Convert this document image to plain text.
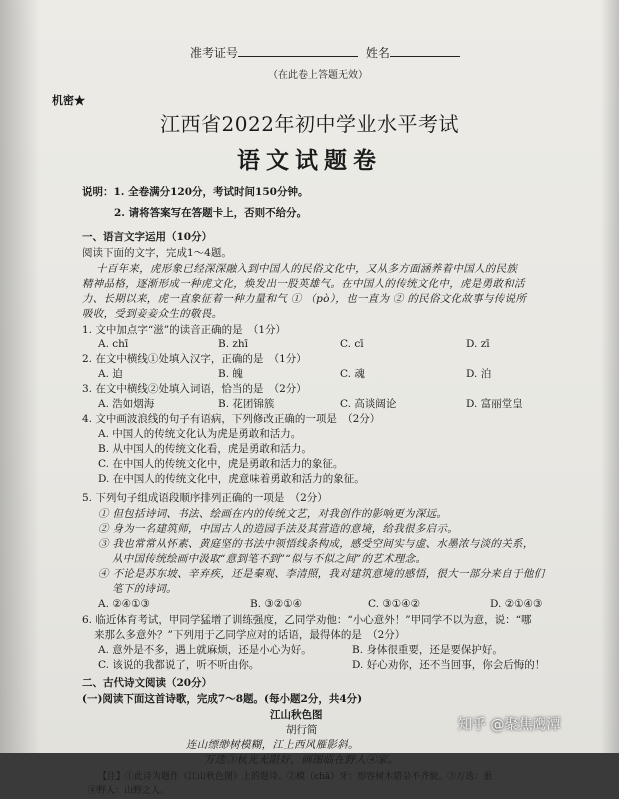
准考证号	姓名
（在此卷上答题无效）
机密★
江西省2022年初中学业水平考试
语文试题卷
说明：1. 全卷满分120分，考试时间150分钟。
2. 请将答案写在答题卡上，否则不给分。
一、语言文字运用（10分）
阅读下面的文字，完成1～4题。
十百年来，虎形象已经深深融入到中国人的民俗文化中，又从多方面涵养着中国人的民族
精神品格，逐渐形成一种虎文化，焕发出一股英雄气。在中国人的传统文化中，虎是勇敢和活
力、长期以来，虎一直象征着一种力量和气 ① （pò），也一直为 ② 的民俗文化故事与传说所
吸收，受到妾妾众生的敬畏。
1. 文中加点字“滋”的读音正确的是　（1分）
A. chī	B. zhī	C. cī	D. zī
2. 在文中横线①处填入汉字，正确的是　（1分）
A. 迫	B. 魄	C. 魂	D. 泊
3. 在文中横线②处填入词语，恰当的是　（2分）
A. 浩如烟海	B. 花团锦簇	C. 高谈阔论	D. 富丽堂皇
4. 文中画波浪线的句子有语病，下列修改正确的一项是　（2分）
A. 中国人的传统文化认为虎是勇敢和活力。
B. 从中国人的传统文化看，虎是勇敢和活力。
C. 在中国人的传统文化中，虎是勇敢和活力的象征。
D. 在中国人的传统文化中，虎意味着勇敢和活力的象征。
5. 下列句子组成语段顺序排列正确的一项是　（2分）
① 但包括诗词、书法、绘画在内的传统文艺，对我创作的影响更为深远。
② 身为一名建筑师，中国古人的造园手法及其营造的意境，给我很多启示。
③ 我也常常从怀素、黄庭坚的书法中领悟线条构成，感受空间实与虚、水墨浓与淡的关系，
从中国传统绘画中汲取“意到笔不到”“似与不似之间”的艺术理念。
④ 不论是苏东坡、辛弃疾，还是秦观、李清照，我对建筑意境的感悟，很大一部分来自于他们
笔下的诗词。
A. ②④①③	B. ③②①④	C. ③①④②	D. ②①④③
6. 临近体育考试，甲同学猛增了训练强度，乙同学劝他：“小心意外！”甲同学不以为意，说：“哪
来那么多意外？”下列用于乙同学应对的话语，最得体的是　（2分）
A. 意外是不多，遇上就麻烦，还是小心为好。	B. 身体很重要，还是要保护好。
C. 该说的我都说了，听不听由你。	D. 好心劝你，还不当回事，你会后悔的！
二、古代诗文阅读（20分）
(一)阅读下面这首诗歌，完成7～8题。(每小题2分，共4分)
江山秋色图
胡行简
连山缥缈树模糊，江上西风雁影斜。
万迭③秋光无限好，画图临在野人④家。
【注】①此诗为题作《江山秋色图》上的题诗。②模（chā）牙：形容树木错杂不齐貌。③万迭：重
④野人：山野之人。
知乎 @聚焦鹰潭
